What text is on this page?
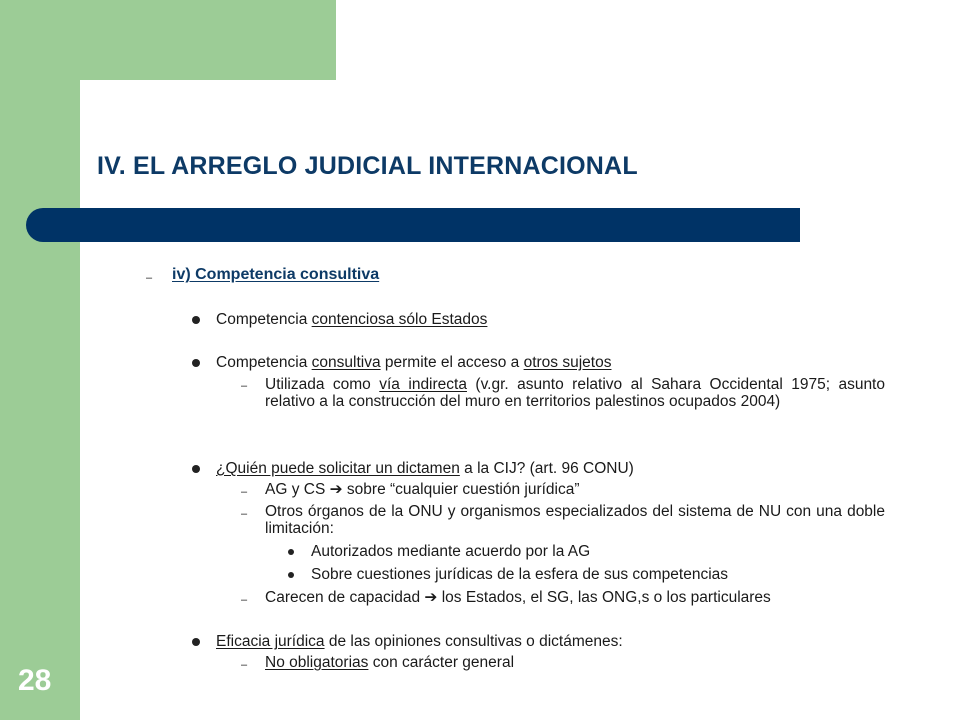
28
IV. EL ARREGLO JUDICIAL INTERNACIONAL
– iv) Competencia consultiva
Competencia contenciosa sólo Estados
Competencia consultiva permite el acceso a otros sujetos
– Utilizada como vía indirecta (v.gr. asunto relativo al Sahara Occidental 1975; asunto relativo a la construcción del muro en territorios palestinos ocupados 2004)
¿Quién puede solicitar un dictamen a la CIJ? (art. 96 CONU)
– AG y CS ➔ sobre “cualquier cuestión jurídica”
– Otros órganos de la ONU y organismos especializados del sistema de NU con una doble limitación:
Autorizados mediante acuerdo por la AG
Sobre cuestiones jurídicas de la esfera de sus competencias
– Carecen de capacidad ➔ los Estados, el SG, las ONG,s o los particulares
Eficacia jurídica de las opiniones consultivas o dictámenes:
– No obligatorias con carácter general
